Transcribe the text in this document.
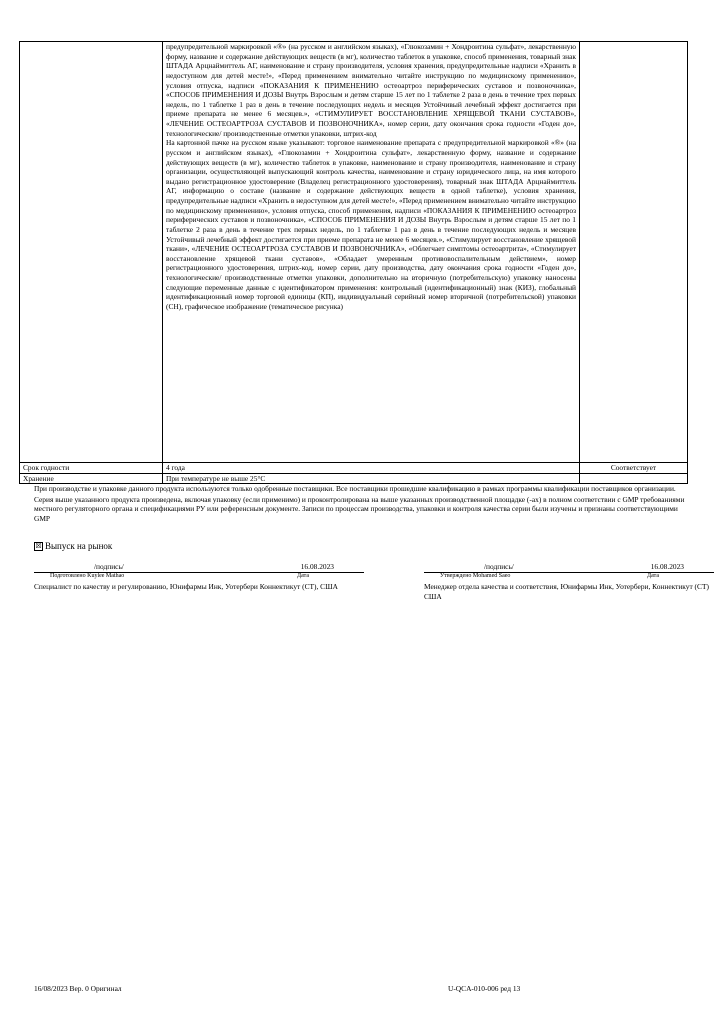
	предупредительной маркировкой «®» (на русском и английском языках), «Глюкозамин + Хондроитина сульфат», лекарственную форму, название и содержание действующих веществ (в мг), количество таблеток в упаковке, способ применения, товарный знак ШТАДА Арцнаймиттель АГ, наименование и страну производителя, условия хранения, предупредительные надписи «Хранить в недоступном для детей месте!», «Перед применением внимательно читайте инструкцию по медицинскому применению», условия отпуска, надписи «ПОКАЗАНИЯ К ПРИМЕНЕНИЮ остеоартроз периферических суставов и позвоночника», «СПОСОБ ПРИМЕНЕНИЯ И ДОЗЫ Внутрь Взрослым и детям старше 15 лет по 1 таблетке 2 раза в день в течение трех первых недель, по 1 таблетке 1 раз в день в течение последующих недель и месяцев Устойчивый лечебный эффект достигается при приеме препарата не менее 6 месяцев.», «СТИМУЛИРУЕТ ВОССТАНОВЛЕНИЕ ХРЯЩЕВОЙ ТКАНИ СУСТАВОВ», «ЛЕЧЕНИЕ ОСТЕОАРТРОЗА СУСТАВОВ И ПОЗВОНОЧНИКА», номер серии, дату окончания срока годности «Годен до», технологические/ производственные отметки упаковки, штрих-код

На картонной пачке на русском языке указывают: торговое наименование препарата с предупредительной маркировкой «®» (на русском и английском языках), «Глюкозамин + Хондроитина сульфат», лекарственную форму, название и содержание действующих веществ (в мг), количество таблеток в упаковке, наименование и страну производителя, наименование и страну организации, осуществляющей выпускающий контроль качества, наименование и страну юридического лица, на имя которого выдано регистрационное удостоверение (Владелец регистрационного удостоверения), товарный знак ШТАДА Арцнаймиттель АГ, информацию о составе (название и содержание действующих веществ в одной таблетке), условия хранения, предупредительные надписи «Хранить в недоступном для детей месте!», «Перед применением внимательно читайте инструкцию по медицинскому применению», условия отпуска, способ применения, надписи «ПОКАЗАНИЯ К ПРИМЕНЕНИЮ остеоартроз периферических суставов и позвоночника», «СПОСОБ ПРИМЕНЕНИЯ И ДОЗЫ Внутрь Взрослым и детям старше 15 лет по 1 таблетке 2 раза в день в течение трех первых недель, по 1 таблетке 1 раз в день в течение последующих недель и месяцев Устойчивый лечебный эффект достигается при приеме препарата не менее 6 месяцев.», «Стимулирует восстановление хрящевой ткани», «ЛЕЧЕНИЕ ОСТЕОАРТРОЗА СУСТАВОВ И ПОЗВОНОЧНИКА», «Облегчает симптомы остеоартрита», «Стимулирует восстановление хрящевой ткани суставов», «Обладает умеренным противовоспалительным действием», номер регистрационного удостоверения, штрих-код, номер серии, дату производства, дату окончания срока годности «Годен до», технологические/ производственные отметки упаковки, дополнительно на вторичную (потребительскую) упаковку наносены следующие переменные данные с идентификатором применения: контрольный (идентификационный) знак (КИЗ), глобальный идентификационный номер торговой единицы (КП), индивидуальный серийный номер вторичной (потребительской) упаковки (СН), графическое изображение (тематическое рисунка)	

Срок годности	4 года	Соответствует
Хранение	При температуре не выше 25°С	

При производстве и упаковке данного продукта используются только одобренные поставщики. Все поставщики прошедшие квалификацию в рамках программы квалификации поставщиков организации.

Серия выше указанного продукта произведена, включая упаковку (если применимо) и проконтролирована на выше указанных производственной площадке (-ах) в полном соответствии с GMP требованиями местного регуляторного органа и спецификациями РУ или референсным документе. Записи по процессам производства, упаковки и контроля качества серии были изучены и признаны соответствующими GMP

☒ Выпуск на рынок
/подпись/	16.08.2023
Подготовлено Kuylee Mathao	Дата
Специалист по качеству и регулированию, Юнифармы Инк, Уотербери Коннектикут (СТ), США
/подпись/	16.08.2023
Утверждено Mohamed Saeo	Дата
Менеджер отдела качества и соответствия, Юнифармы Инк, Уотербери, Коннектикут (СТ) США
16/08/2023 Вер. 0 Оригинал	U-QCA-010-006 ред 13
